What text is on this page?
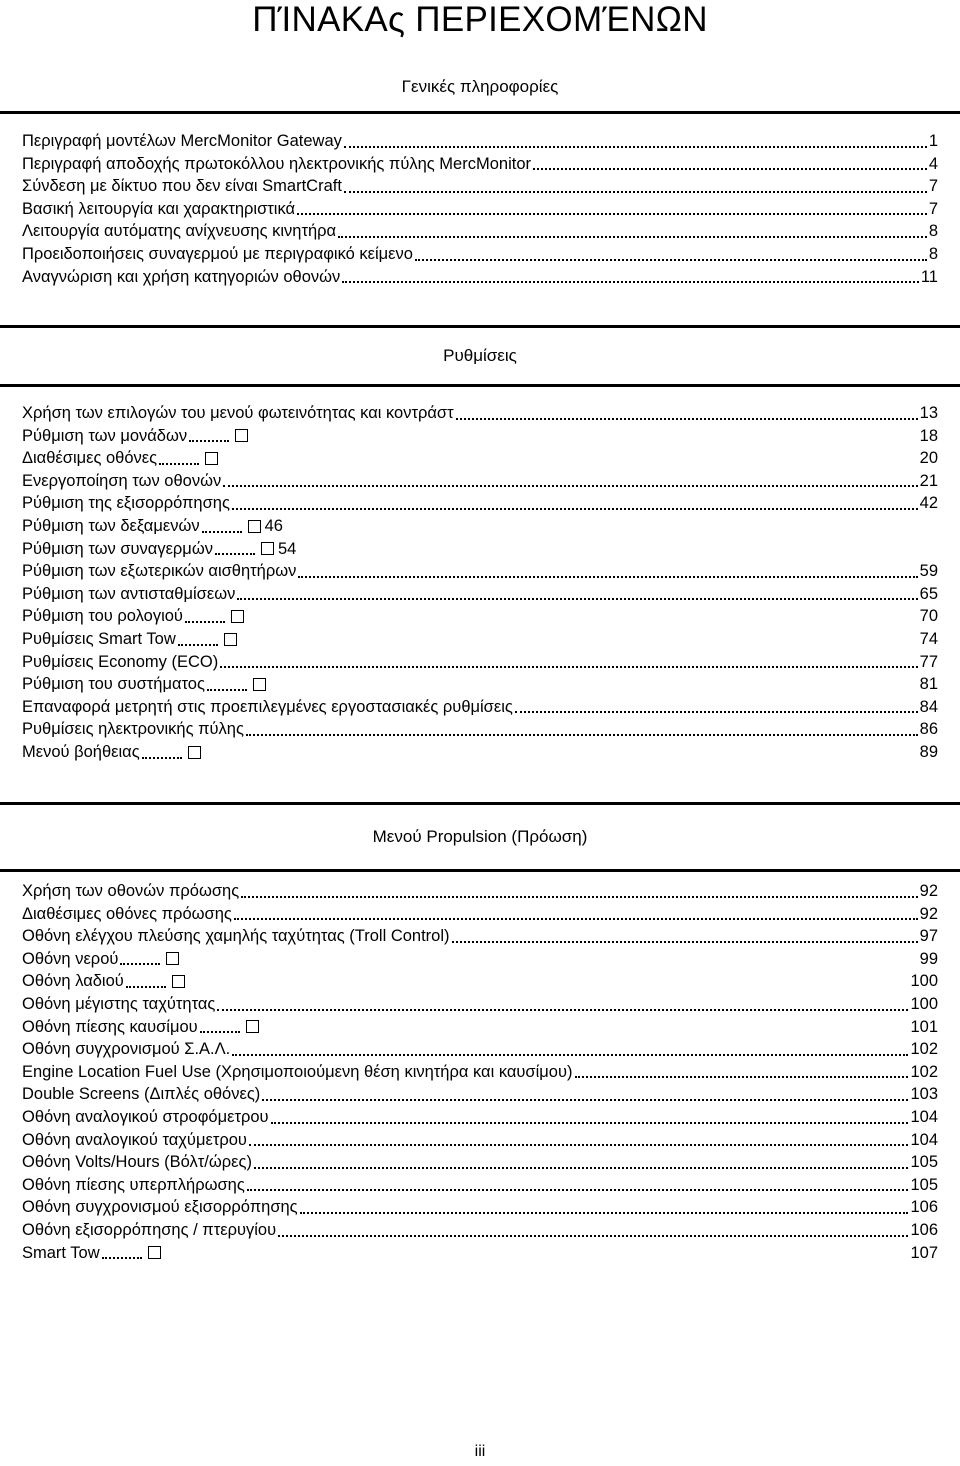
ΠΊΝΑΚΑς ΠΕΡΙΕΧΟΜΈΝΩΝ
Γενικές πληροφορίες
Περιγραφή μοντέλων MercMonitor Gateway	1
Περιγραφή αποδοχής πρωτοκόλλου ηλεκτρονικής πύλης MercMonitor	4
Σύνδεση με δίκτυο που δεν είναι SmartCraft	7
Βασική λειτουργία και χαρακτηριστικά	7
Λειτουργία αυτόματης ανίχνευσης κινητήρα	8
Προειδοποιήσεις συναγερμού με περιγραφικό κείμενο	8
Αναγνώριση και χρήση κατηγοριών οθονών	11
Ρυθμίσεις
Χρήση των επιλογών του μενού φωτεινότητας και κοντράστ	13
Ρύθμιση των μονάδων	18
Διαθέσιμες οθόνες	20
Ενεργοποίηση των οθονών	21
Ρύθμιση της εξισορρόπησης	42
Ρύθμιση των δεξαμενών	46
Ρύθμιση των συναγερμών	54
Ρύθμιση των εξωτερικών αισθητήρων	59
Ρύθμιση των αντισταθμίσεων	65
Ρύθμιση του ρολογιού	70
Ρυθμίσεις Smart Tow	74
Ρυθμίσεις Economy (ECO)	77
Ρύθμιση του συστήματος	81
Επαναφορά μετρητή στις προεπιλεγμένες εργοστασιακές ρυθμίσεις	84
Ρυθμίσεις ηλεκτρονικής πύλης	86
Μενού βοήθειας	89
Μενού Propulsion (Πρόωση)
Χρήση των οθονών πρόωσης	92
Διαθέσιμες οθόνες πρόωσης	92
Οθόνη ελέγχου πλεύσης χαμηλής ταχύτητας (Troll Control)	97
Οθόνη νερού	99
Οθόνη λαδιού	100
Οθόνη μέγιστης ταχύτητας	100
Οθόνη πίεσης καυσίμου	101
Οθόνη συγχρονισμού Σ.Α.Λ.	102
Engine Location Fuel Use (Χρησιμοποιούμενη θέση κινητήρα και καυσίμου)	102
Double Screens (Διπλές οθόνες)	103
Οθόνη αναλογικού στροφόμετρου	104
Οθόνη αναλογικού ταχύμετρου	104
Οθόνη Volts/Hours (Βόλτ/ώρες)	105
Οθόνη πίεσης υπερπλήρωσης	105
Οθόνη συγχρονισμού εξισορρόπησης	106
Οθόνη εξισορρόπησης / πτερυγίου	106
Smart Tow	107
iii
